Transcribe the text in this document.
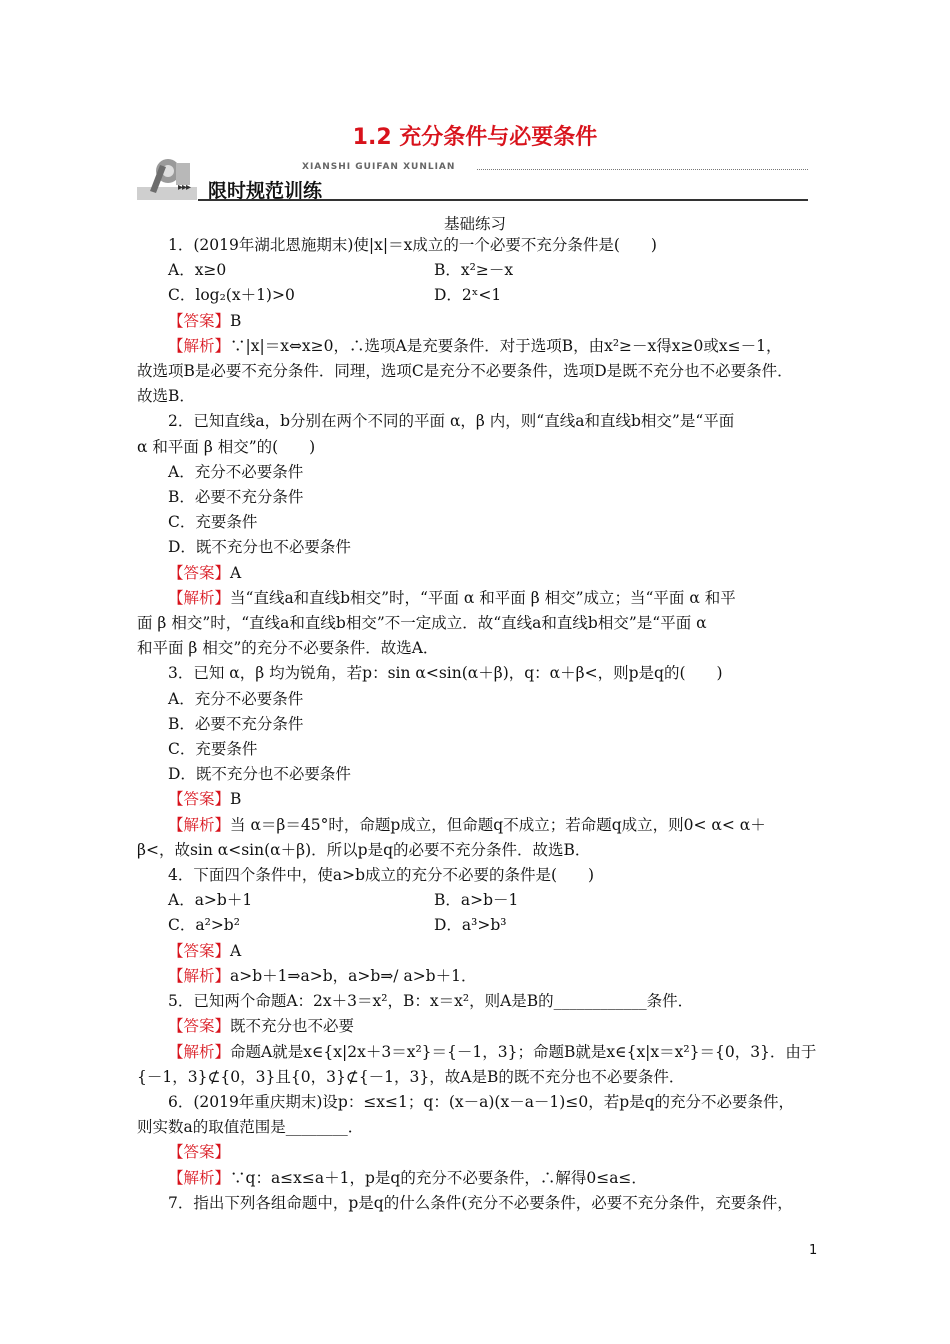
1.2 充分条件与必要条件
XIANSHI GUIFAN XUNLIAN
▸▸▸ 限时规范训练
基础练习
1．(2019年湖北恩施期末)使|x|＝x成立的一个必要不充分条件是(　　)
A．x≥0	B．x²≥－x
C．log₂(x＋1)>0	D．2ˣ<1
【答案】B
【解析】∵|x|＝x⇔x≥0，∴选项A是充要条件．对于选项B，由x²≥－x得x≥0或x≤－1，
故选项B是必要不充分条件．同理，选项C是充分不必要条件，选项D是既不充分也不必要条件．
故选B．
2．已知直线a，b分别在两个不同的平面 α，β 内，则“直线a和直线b相交”是“平面
α 和平面 β 相交”的(　　)
A．充分不必要条件
B．必要不充分条件
C．充要条件
D．既不充分也不必要条件
【答案】A
【解析】当“直线a和直线b相交”时，“平面 α 和平面 β 相交”成立；当“平面 α 和平
面 β 相交”时，“直线a和直线b相交”不一定成立．故“直线a和直线b相交”是“平面 α
和平面 β 相交”的充分不必要条件．故选A．
3．已知 α，β 均为锐角，若p：sin α<sin(α＋β)，q：α＋β<，则p是q的(　　)
A．充分不必要条件
B．必要不充分条件
C．充要条件
D．既不充分也不必要条件
【答案】B
【解析】当 α＝β＝45°时，命题p成立，但命题q不成立；若命题q成立，则0< α< α＋
β<，故sin α<sin(α＋β)．所以p是q的必要不充分条件．故选B．
4．下面四个条件中，使a>b成立的充分不必要的条件是(　　)
A．a>b＋1	B．a>b－1
C．a²>b²	D．a³>b³
【答案】A
【解析】a>b＋1⇒a>b，a>b⇒/ a>b＋1．
5．已知两个命题A：2x＋3＝x²，B：x＝x²，则A是B的____________条件．
【答案】既不充分也不必要
【解析】命题A就是x∈{x|2x＋3＝x²}＝{－1，3}；命题B就是x∈{x|x＝x²}＝{0，3}．由于
{－1，3}⊄{0，3}且{0，3}⊄{－1，3}，故A是B的既不充分也不必要条件．
6．(2019年重庆期末)设p：≤x≤1；q：(x－a)(x－a－1)≤0，若p是q的充分不必要条件，
则实数a的取值范围是________．
【答案】
【解析】∵q：a≤x≤a＋1，p是q的充分不必要条件，∴解得0≤a≤．
7．指出下列各组命题中，p是q的什么条件(充分不必要条件，必要不充分条件，充要条件，
1
